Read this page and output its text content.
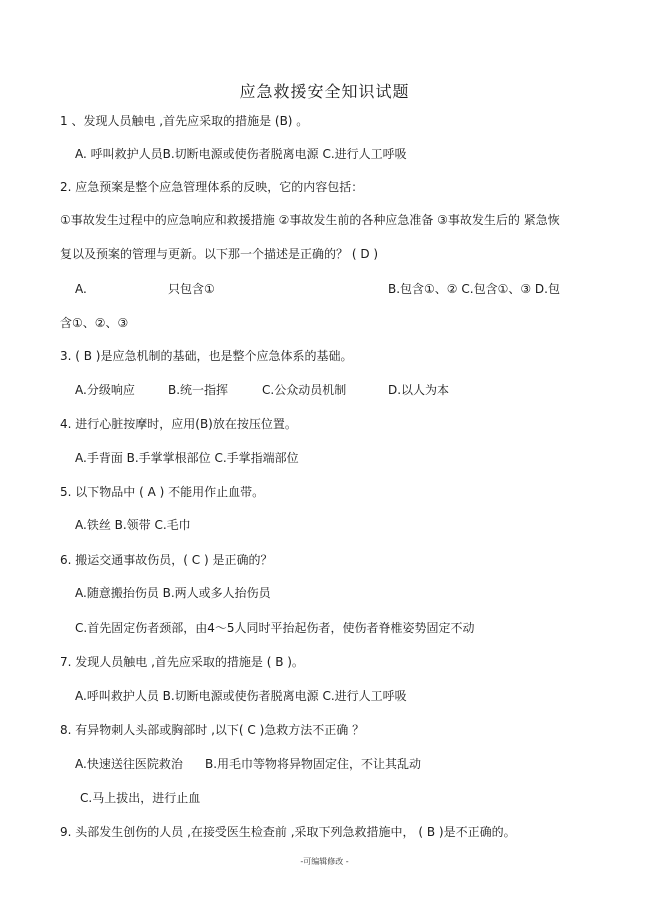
应急救援安全知识试题
1 、发现人员触电 ,首先应采取的措施是 (B) 。
A. 呼叫救护人员B.切断电源或使伤者脱离电源 C.进行人工呼吸
2. 应急预案是整个应急管理体系的反映，它的内容包括：
①事故发生过程中的应急响应和救援措施 ②事故发生前的各种应急准备 ③事故发生后的 紧急恢
复以及预案的管理与更新。以下那一个描述是正确的？ ( D )
A.	只包含①	B.包含①、② C.包含①、③ D.包
含①、②、③
3. ( B )是应急机制的基础，也是整个应急体系的基础。
A.分级响应	B.统一指挥	C.公众动员机制	D.以人为本
4. 进行心脏按摩时，应用(B)放在按压位置。
A.手背面 B.手掌掌根部位 C.手掌指端部位
5. 以下物品中 ( A ) 不能用作止血带。
A.铁丝 B.领带 C.毛巾
6. 搬运交通事故伤员，( C ) 是正确的？
A.随意搬抬伤员 B.两人或多人抬伤员
C.首先固定伤者颈部，由4～5人同时平抬起伤者，使伤者脊椎姿势固定不动
7. 发现人员触电 ,首先应采取的措施是 ( B )。
A.呼叫救护人员 B.切断电源或使伤者脱离电源 C.进行人工呼吸
8. 有异物刺人头部或胸部时 ,以下( C )急救方法不正确 ？
A.快速送往医院救治 B.用毛巾等物将异物固定住，不让其乱动
C.马上拔出，进行止血
9. 头部发生创伤的人员 ,在接受医生检查前 ,采取下列急救措施中， ( B )是不正确的。
-可编辑修改 -
